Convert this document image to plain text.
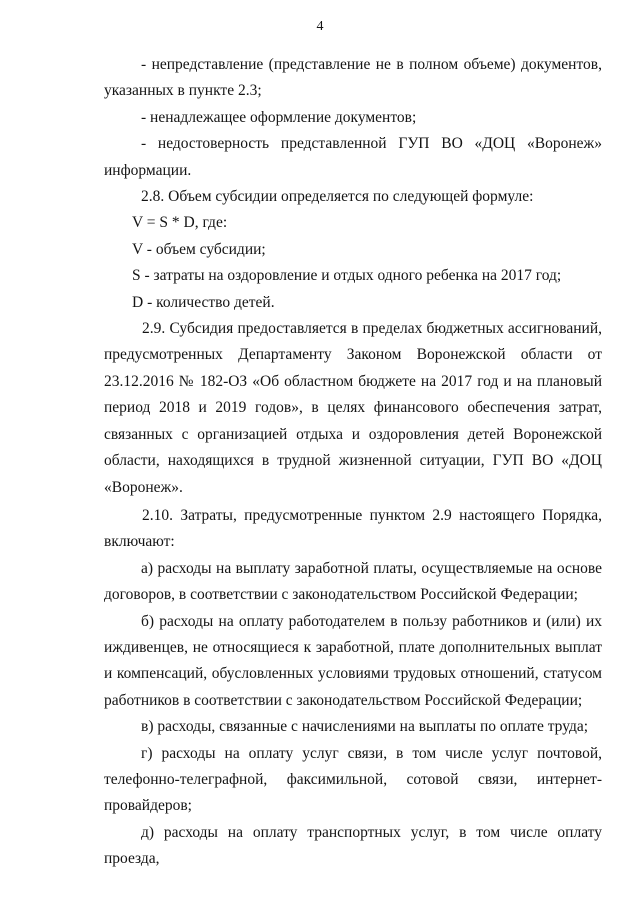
4

- непредставление (представление не в полном объеме) документов, указанных в пункте 2.3;

- ненадлежащее оформление документов;

- недостоверность представленной ГУП ВО «ДОЦ «Воронеж» информации.

2.8. Объем субсидии определяется по следующей формуле:

V = S * D, где:

V - объем субсидии;

S - затраты на оздоровление и отдых одного ребенка на 2017 год;

D - количество детей.

2.9. Субсидия предоставляется в пределах бюджетных ассигнований, предусмотренных Департаменту Законом Воронежской области от 23.12.2016 № 182-ОЗ «Об областном бюджете на 2017 год и на плановый период 2018 и 2019 годов», в целях финансового обеспечения затрат, связанных с организацией отдыха и оздоровления детей Воронежской области, находящихся в трудной жизненной ситуации, ГУП ВО «ДОЦ «Воронеж».

2.10. Затраты, предусмотренные пунктом 2.9 настоящего Порядка, включают:

а) расходы на выплату заработной платы, осуществляемые на основе договоров, в соответствии с законодательством Российской Федерации;

б) расходы на оплату работодателем в пользу работников и (или) их иждивенцев, не относящиеся к заработной, плате дополнительных выплат и компенсаций, обусловленных условиями трудовых отношений, статусом работников в соответствии с законодательством Российской Федерации;

в) расходы, связанные с начислениями на выплаты по оплате труда;

г) расходы на оплату услуг связи, в том числе услуг почтовой, телефонно-телеграфной, факсимильной, сотовой связи, интернет-провайдеров;

д) расходы на оплату транспортных услуг, в том числе оплату проезда,
